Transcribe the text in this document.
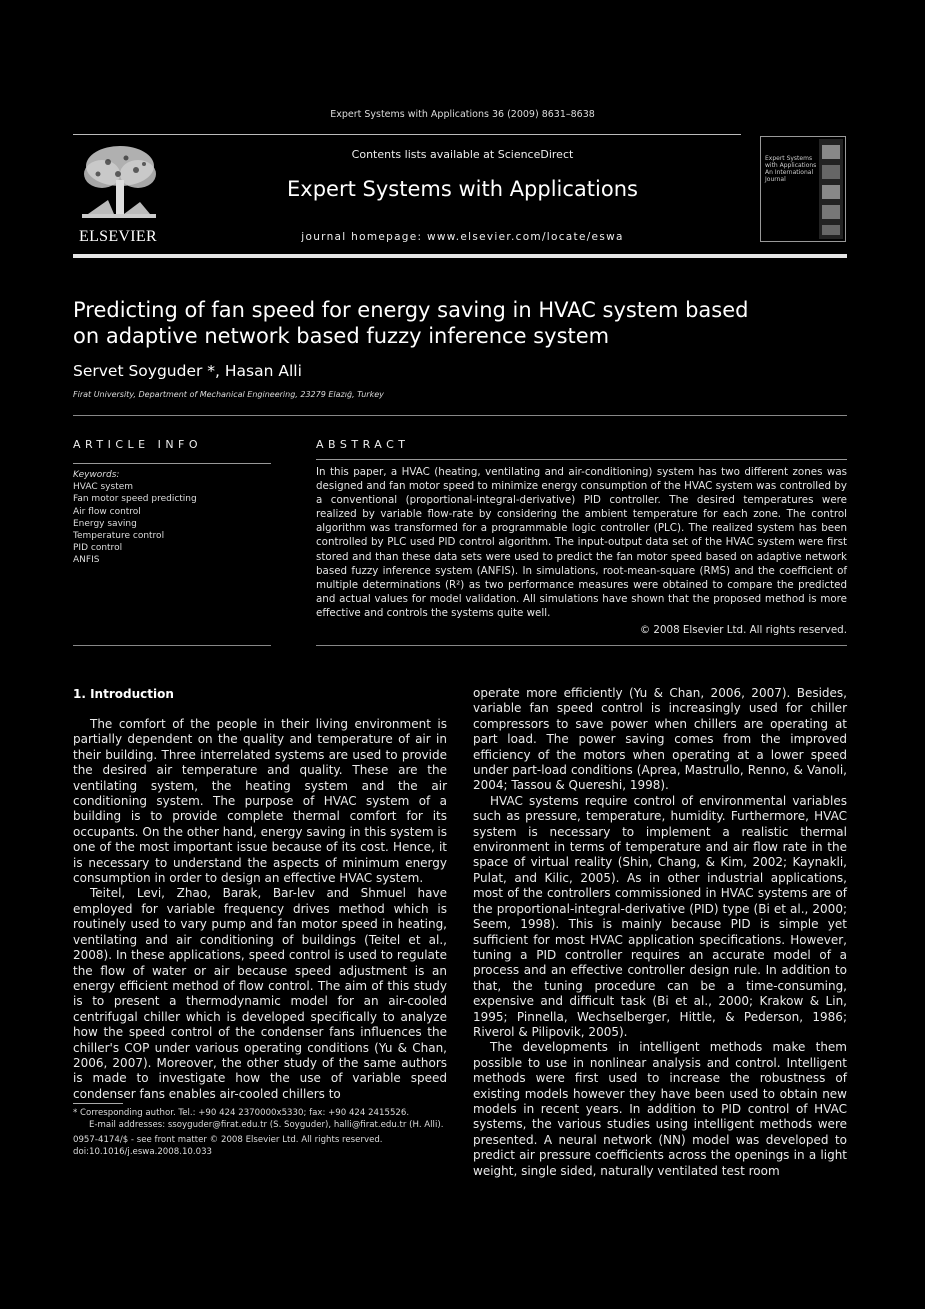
Expert Systems with Applications 36 (2009) 8631–8638
ELSEVIER
Contents lists available at ScienceDirect
Expert Systems with Applications
journal homepage: www.elsevier.com/locate/eswa
Expert Systems with Applications An International Journal
Predicting of fan speed for energy saving in HVAC system based
on adaptive network based fuzzy inference system
Servet Soyguder *, Hasan Alli
Firat University, Department of Mechanical Engineering, 23279 Elazığ, Turkey
ARTICLE INFO	ABSTRACT
Keywords:
HVAC system
Fan motor speed predicting
Air flow control
Energy saving
Temperature control
PID control
ANFIS
In this paper, a HVAC (heating, ventilating and air-conditioning) system has two different zones was designed and fan motor speed to minimize energy consumption of the HVAC system was controlled by a conventional (proportional-integral-derivative) PID controller. The desired temperatures were realized by variable flow-rate by considering the ambient temperature for each zone. The control algorithm was transformed for a programmable logic controller (PLC). The realized system has been controlled by PLC used PID control algorithm. The input-output data set of the HVAC system were first stored and than these data sets were used to predict the fan motor speed based on adaptive network based fuzzy inference system (ANFIS). In simulations, root-mean-square (RMS) and the coefficient of multiple determinations (R²) as two performance measures were obtained to compare the predicted and actual values for model validation. All simulations have shown that the proposed method is more effective and controls the systems quite well.
© 2008 Elsevier Ltd. All rights reserved.
1. Introduction

The comfort of the people in their living environment is partially dependent on the quality and temperature of air in their building. Three interrelated systems are used to provide the desired air temperature and quality. These are the ventilating system, the heating system and the air conditioning system. The purpose of HVAC system of a building is to provide complete thermal comfort for its occupants. On the other hand, energy saving in this system is one of the most important issue because of its cost. Hence, it is necessary to understand the aspects of minimum energy consumption in order to design an effective HVAC system.

Teitel, Levi, Zhao, Barak, Bar-lev and Shmuel have employed for variable frequency drives method which is routinely used to vary pump and fan motor speed in heating, ventilating and air conditioning of buildings (Teitel et al., 2008). In these applications, speed control is used to regulate the flow of water or air because speed adjustment is an energy efficient method of flow control. The aim of this study is to present a thermodynamic model for an air-cooled centrifugal chiller which is developed specifically to analyze how the speed control of the condenser fans influences the chiller's COP under various operating conditions (Yu & Chan, 2006, 2007). Moreover, the other study of the same authors is made to investigate how the use of variable speed condenser fans enables air-cooled chillers to

operate more efficiently (Yu & Chan, 2006, 2007). Besides, variable fan speed control is increasingly used for chiller compressors to save power when chillers are operating at part load. The power saving comes from the improved efficiency of the motors when operating at a lower speed under part-load conditions (Aprea, Mastrullo, Renno, & Vanoli, 2004; Tassou & Quereshi, 1998).

HVAC systems require control of environmental variables such as pressure, temperature, humidity. Furthermore, HVAC system is necessary to implement a realistic thermal environment in terms of temperature and air flow rate in the space of virtual reality (Shin, Chang, & Kim, 2002; Kaynakli, Pulat, and Kilic, 2005). As in other industrial applications, most of the controllers commissioned in HVAC systems are of the proportional-integral-derivative (PID) type (Bi et al., 2000; Seem, 1998). This is mainly because PID is simple yet sufficient for most HVAC application specifications. However, tuning a PID controller requires an accurate model of a process and an effective controller design rule. In addition to that, the tuning procedure can be a time-consuming, expensive and difficult task (Bi et al., 2000; Krakow & Lin, 1995; Pinnella, Wechselberger, Hittle, & Pederson, 1986; Riverol & Pilipovik, 2005).

The developments in intelligent methods make them possible to use in nonlinear analysis and control. Intelligent methods were first used to increase the robustness of existing models however they have been used to obtain new models in recent years. In addition to PID control of HVAC systems, the various studies using intelligent methods were presented. A neural network (NN) model was developed to predict air pressure coefficients across the openings in a light weight, single sided, naturally ventilated test room

* Corresponding author. Tel.: +90 424 2370000x5330; fax: +90 424 2415526.
E-mail addresses: ssoyguder@firat.edu.tr (S. Soyguder), halli@firat.edu.tr (H. Alli).
0957-4174/$ - see front matter © 2008 Elsevier Ltd. All rights reserved.
doi:10.1016/j.eswa.2008.10.033
